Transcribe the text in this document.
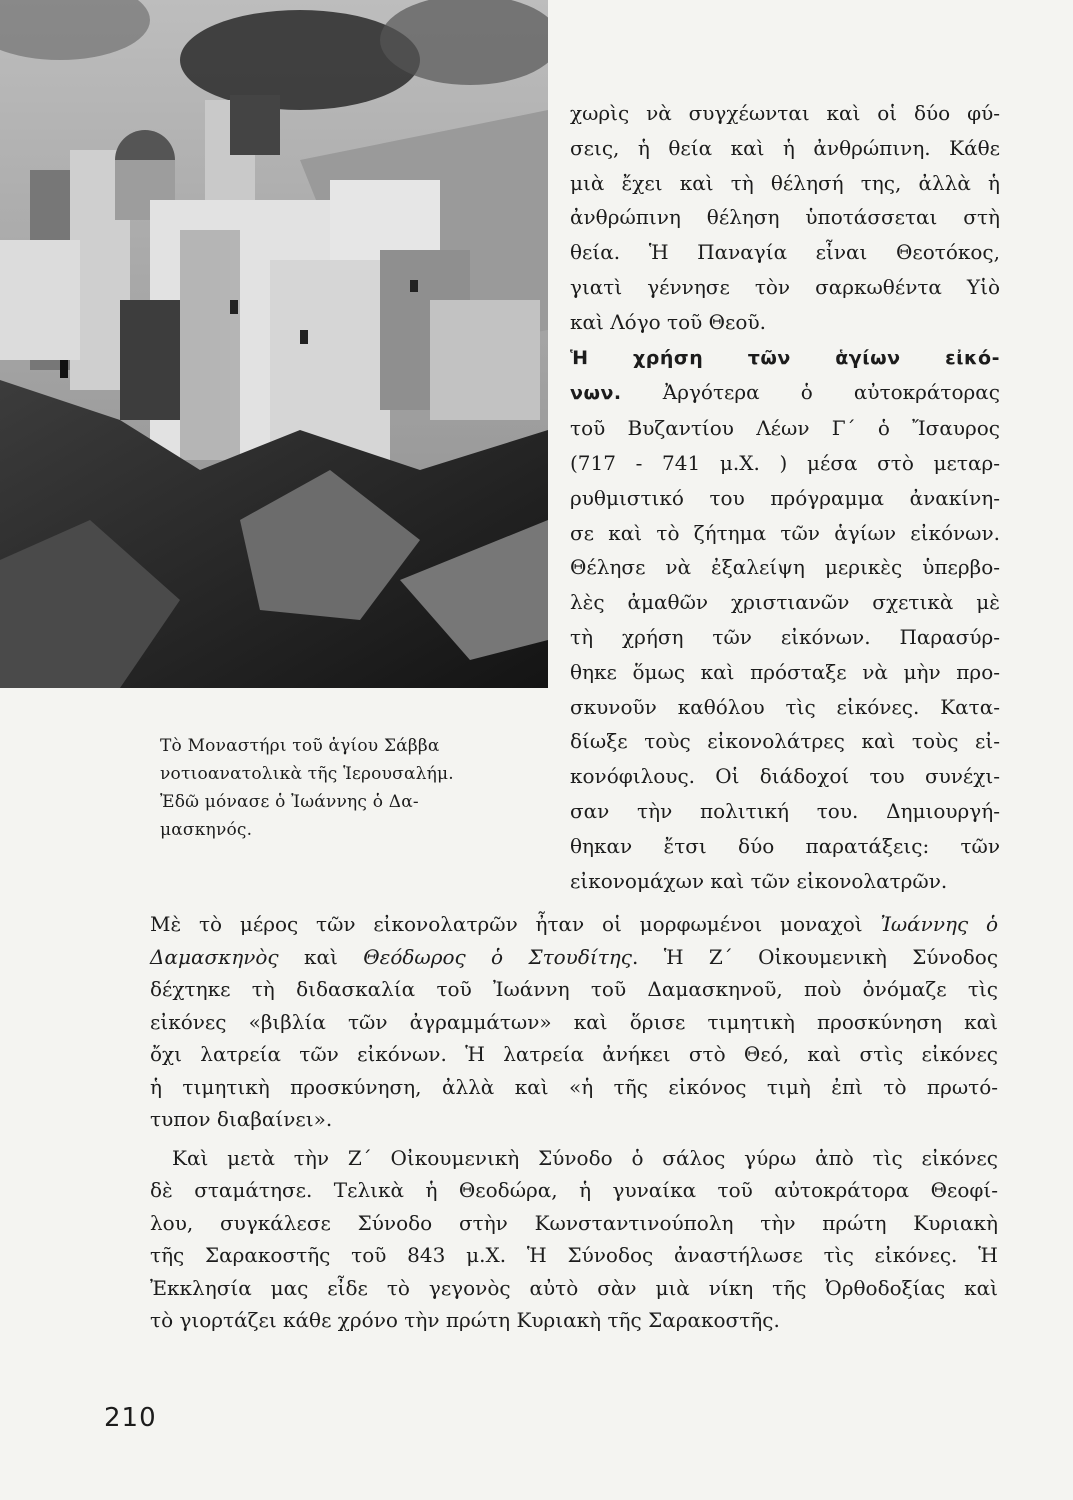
Τὸ Μοναστήρι τοῦ ἁγίου Σάββα
νοτιοανατολικὰ τῆς Ἱερουσαλήμ.
Ἐδῶ μόνασε ὁ Ἰωάννης ὁ Δα-
μασκηνός.
χωρὶς νὰ συγχέωνται καὶ οἱ δύο φύ-
σεις, ἡ θεία καὶ ἡ ἀνθρώπινη. Κάθε
μιὰ ἔχει καὶ τὴ θέλησή της, ἀλλὰ ἡ
ἀνθρώπινη θέληση ὑποτάσσεται στὴ
θεία. Ἡ Παναγία εἶναι Θεοτόκος,
γιατὶ γέννησε τὸν σαρκωθέντα Υἱὸ
καὶ Λόγο τοῦ Θεοῦ.
Ἡ χρήση τῶν ἁγίων εἰκό-
νων. Ἀργότερα ὁ αὐτοκράτορας
τοῦ Βυζαντίου Λέων Γ΄ ὁ Ἴσαυρος
(717 - 741 μ.Χ. ) μέσα στὸ μεταρ-
ρυθμιστικό του πρόγραμμα ἀνακίνη-
σε καὶ τὸ ζήτημα τῶν ἁγίων εἰκόνων.
Θέλησε νὰ ἐξαλείψη μερικὲς ὑπερβο-
λὲς ἀμαθῶν χριστιανῶν σχετικὰ μὲ
τὴ χρήση τῶν εἰκόνων. Παρασύρ-
θηκε ὅμως καὶ πρόσταξε νὰ μὴν προ-
σκυνοῦν καθόλου τὶς εἰκόνες. Κατα-
δίωξε τοὺς εἰκονολάτρες καὶ τοὺς εἰ-
κονόφιλους. Οἱ διάδοχοί του συνέχι-
σαν τὴν πολιτική του. Δημιουργή-
θηκαν ἔτσι δύο παρατάξεις: τῶν
εἰκονομάχων καὶ τῶν εἰκονολατρῶν.
Μὲ τὸ μέρος τῶν εἰκονολατρῶν ἦταν οἱ μορφωμένοι μοναχοὶ Ἰωάννης ὁ
Δαμασκηνὸς καὶ Θεόδωρος ὁ Στουδίτης. Ἡ Ζ΄ Οἰκουμενικὴ Σύνοδος
δέχτηκε τὴ διδασκαλία τοῦ Ἰωάννη τοῦ Δαμασκηνοῦ, ποὺ ὀνόμαζε τὶς
εἰκόνες «βιβλία τῶν ἀγραμμάτων» καὶ ὅρισε τιμητικὴ προσκύνηση καὶ
ὄχι λατρεία τῶν εἰκόνων. Ἡ λατρεία ἀνήκει στὸ Θεό, καὶ στὶς εἰκόνες
ἡ τιμητικὴ προσκύνηση, ἀλλὰ καὶ «ἡ τῆς εἰκόνος τιμὴ ἐπὶ τὸ πρωτό-
τυπον διαβαίνει».
Καὶ μετὰ τὴν Ζ΄ Οἰκουμενικὴ Σύνοδο ὁ σάλος γύρω ἀπὸ τὶς εἰκόνες
δὲ σταμάτησε. Τελικὰ ἡ Θεοδώρα, ἡ γυναίκα τοῦ αὐτοκράτορα Θεοφί-
λου, συγκάλεσε Σύνοδο στὴν Κωνσταντινούπολη τὴν πρώτη Κυριακὴ
τῆς Σαρακοστῆς τοῦ 843 μ.Χ. Ἡ Σύνοδος ἀναστήλωσε τὶς εἰκόνες. Ἡ
Ἐκκλησία μας εἶδε τὸ γεγονὸς αὐτὸ σὰν μιὰ νίκη τῆς Ὀρθοδοξίας καὶ
τὸ γιορτάζει κάθε χρόνο τὴν πρώτη Κυριακὴ τῆς Σαρακοστῆς.
210
